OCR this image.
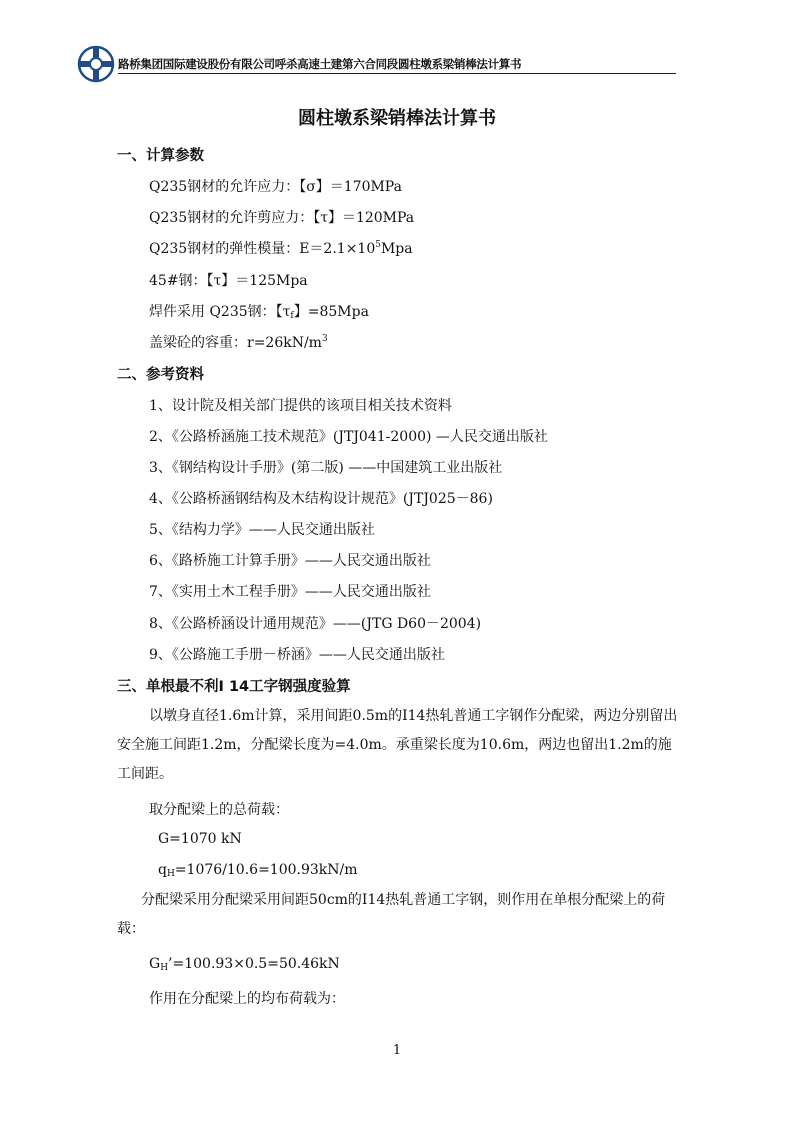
路桥集团国际建设股份有限公司呼杀高速土建第六合同段圆柱墩系梁销棒法计算书
圆柱墩系梁销棒法计算书
一、计算参数
Q235钢材的允许应力：【σ】＝170MPa
Q235钢材的允许剪应力：【τ】＝120MPa
Q235钢材的弹性模量：$E=2.1\times 10^5Mpa$
45#钢：【τ】＝125Mpa
焊件采用 Q235钢：【$\tau_f$】=85Mpa
盖梁砼的容重：$r=26kN/m^3$
二、参考资料
1、设计院及相关部门提供的该项目相关技术资料
2、《公路桥涵施工技术规范》(JTJ041-2000) —人民交通出版社
3、《钢结构设计手册》(第二版) ——中国建筑工业出版社
4、《公路桥涵钢结构及木结构设计规范》(JTJ025－86)
5、《结构力学》——人民交通出版社
6、《路桥施工计算手册》——人民交通出版社
7、《实用土木工程手册》——人民交通出版社
8、《公路桥涵设计通用规范》——(JTG D60－2004)
9、《公路施工手册－桥涵》——人民交通出版社
三、单根最不利Ⅰ 14工字钢强度验算
以墩身直径1.6m计算，采用间距0.5m的I14热轧普通工字钢作分配梁，两边分别留出安全施工间距1.2m，分配梁长度为=4.0m。承重梁长度为10.6m，两边也留出1.2m的施工间距。
取分配梁上的总荷载：
G=1070 kN
$q_H=1076/10.6=100.93kN/m$
分配梁采用分配梁采用间距50cm的I14热轧普通工字钢，则作用在单根分配梁上的荷载：
$G_H’=100.93\times 0.5=50.46kN$
作用在分配梁上的均布荷载为：
1
